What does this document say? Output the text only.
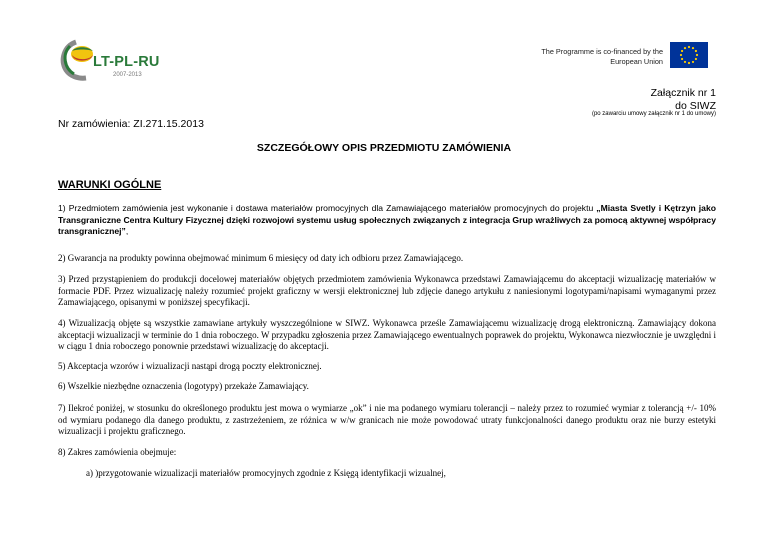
LT-PL-RU
2007-2013
The Programme is co-financed by the
European Union
Załącznik nr 1
do SIWZ
(po zawarciu umowy załącznik nr 1 do umowy)
Nr zamówienia: ZI.271.15.2013
SZCZEGÓŁOWY OPIS PRZEDMIOTU ZAMÓWIENIA
WARUNKI OGÓLNE
1) Przedmiotem zamówienia jest wykonanie i dostawa materiałów promocyjnych dla Zamawiającego materiałów promocyjnych do projektu „Miasta Svetly i Kętrzyn jako Transgraniczne Centra Kultury Fizycznej dzięki rozwojowi systemu usług społecznych związanych z integracja Grup wrażliwych za pomocą aktywnej współpracy transgranicznej”,
2) Gwarancja na produkty powinna obejmować minimum 6 miesięcy od daty ich odbioru przez Zamawiającego.
3) Przed przystąpieniem do produkcji docelowej materiałów objętych przedmiotem zamówienia Wykonawca przedstawi Zamawiającemu do akceptacji wizualizację materiałów w formacie PDF. Przez wizualizację należy rozumieć projekt graficzny w wersji elektronicznej lub zdjęcie danego artykułu z naniesionymi logotypami/napisami wymaganymi przez Zamawiającego, opisanymi w poniższej specyfikacji.
4) Wizualizacją objęte są wszystkie zamawiane artykuły wyszczególnione w SIWZ. Wykonawca prześle Zamawiającemu wizualizację drogą elektroniczną. Zamawiający dokona akceptacji wizualizacji w terminie do 1 dnia roboczego. W przypadku zgłoszenia przez Zamawiającego ewentualnych poprawek do projektu, Wykonawca niezwłocznie je uwzględni i w ciągu 1 dnia roboczego ponownie przedstawi wizualizację do akceptacji.
5) Akceptacja wzorów i wizualizacji nastąpi drogą poczty elektronicznej.
6) Wszelkie niezbędne oznaczenia (logotypy) przekaże Zamawiający.
7) Ilekroć poniżej, w stosunku do określonego produktu jest mowa o wymiarze „ok” i nie ma podanego wymiaru tolerancji – należy przez to rozumieć wymiar z tolerancją +/- 10% od wymiaru podanego dla danego produktu, z zastrzeżeniem, ze różnica w w/w granicach nie może powodować utraty funkcjonalności danego produktu oraz nie burzy estetyki wizualizacji i projektu graficznego.
8) Zakres zamówienia obejmuje:
a) )przygotowanie wizualizacji materiałów promocyjnych zgodnie z Księgą identyfikacji wizualnej,
